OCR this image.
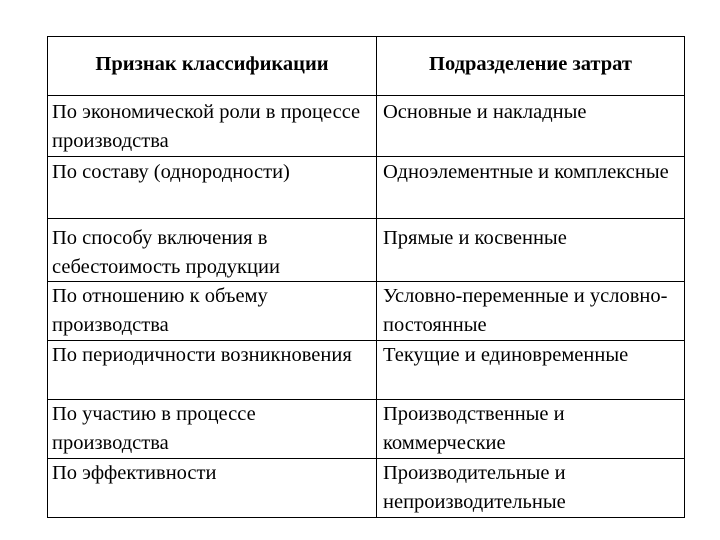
Признак классификации	Подразделение затрат
По экономической роли в процессе производства	Основные и накладные
По составу (однородности)	Одноэлементные и комплексные
По способу включения в себестоимость продукции	Прямые и косвенные
По отношению к объему производства	Условно-переменные и условно-постоянные
По периодичности возникновения	Текущие и единовременные
По участию в процессе производства	Производственные и коммерческие
По эффективности	Производительные и непроизводительные
